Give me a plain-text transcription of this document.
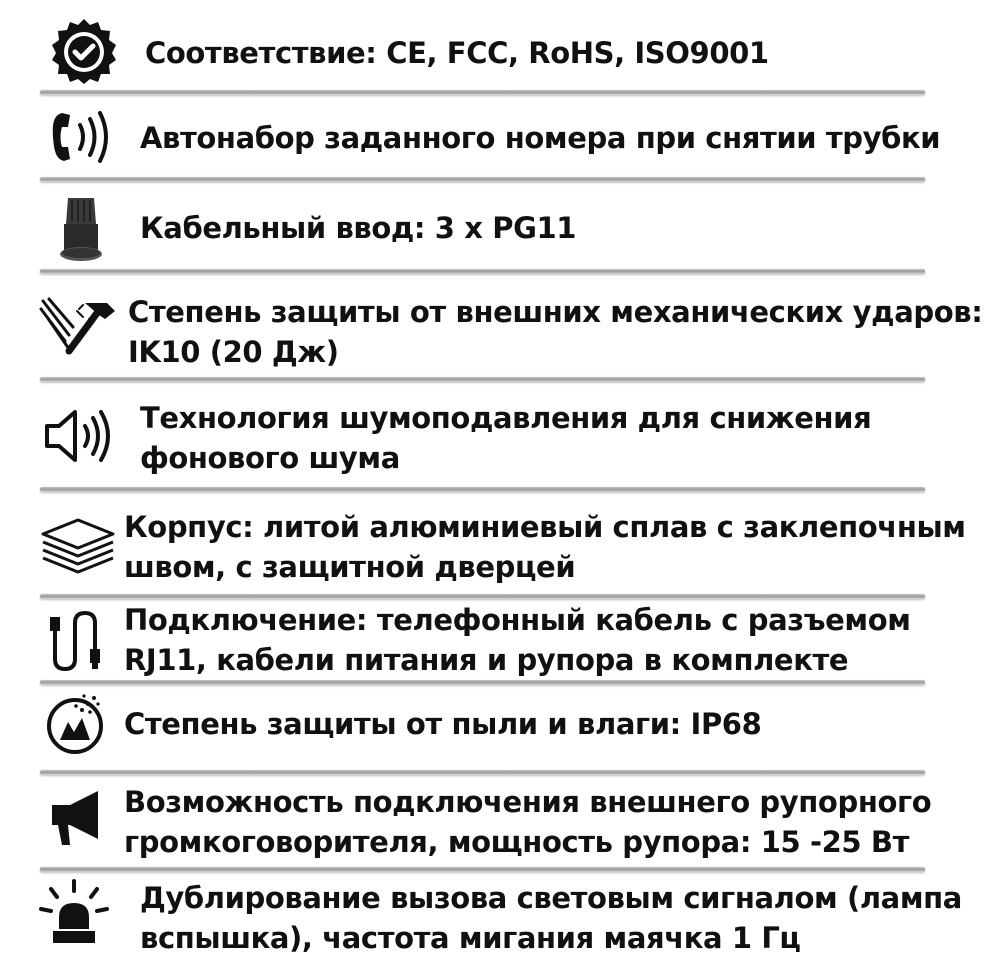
Соответствие: CE, FCC, RoHS, ISO9001
Автонабор заданного номера при снятии трубки
Кабельный ввод: 3 x PG11
Степень защиты от внешних механических ударов:
IK10 (20 Дж)
Технология шумоподавления для снижения
фонового шума
Корпус: литой алюминиевый сплав с заклепочным
швом, с защитной дверцей
Подключение: телефонный кабель с разъемом
RJ11, кабели питания и рупора в комплекте
Степень защиты от пыли и влаги: IP68
Возможность подключения внешнего рупорного
громкоговорителя, мощность рупора: 15 -25 Вт
Дублирование вызова световым сигналом (лампа
вспышка), частота мигания маячка 1 Гц
